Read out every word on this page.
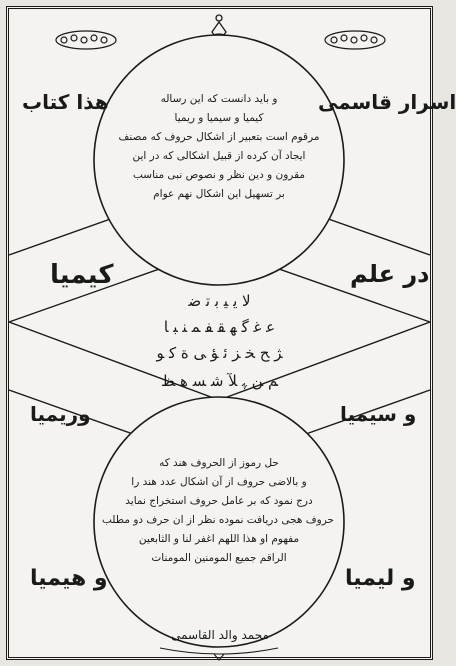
هذا کتاب	اسرار قاسمی
کیمیا	در علم
وریمیا	و سیمیا
و هیمیا	و لیمیا
و باید دانست که این رساله
کیمیا و سیمیا و ریمیا
مرقوم است بتعبیر از اشکال حروف که مصنف
ایجاد آن کرده از قبیل اشکالی که در این
مقرون و دین نظر و نصوص نبی مناسب
بر تسهیل این اشکال نهم عوام
ﻻ ﻳ ﻴ ﺑ ﺗ ﺿ
ﻋ ﻏ ﮔ ﻬ ﻘ ﻔ ﻤ ﻨ ﺒ ﺎ
ﮋ ﺢ ﺨ ﺰ ﺋ ﺆ ﻰ ﺓ ﮐ ﻮ
ﻢ ﻦ ﮩ ﻶ ﺷ ﺴ ﻫ ﻆ
حل رموز از الحروف هند که
و بالاضی حروف از آن اشکال عدد هند را
درج نمود که بر عامل حروف استخراج نماید
حروف هجی دریافت نموده نظر از ان حرف دو مطلب
مفهوم او هذا اللهم اغفر لنا و الثابعین
الراقم جمیع المومنین المومنات
محمد والد القاسمی
